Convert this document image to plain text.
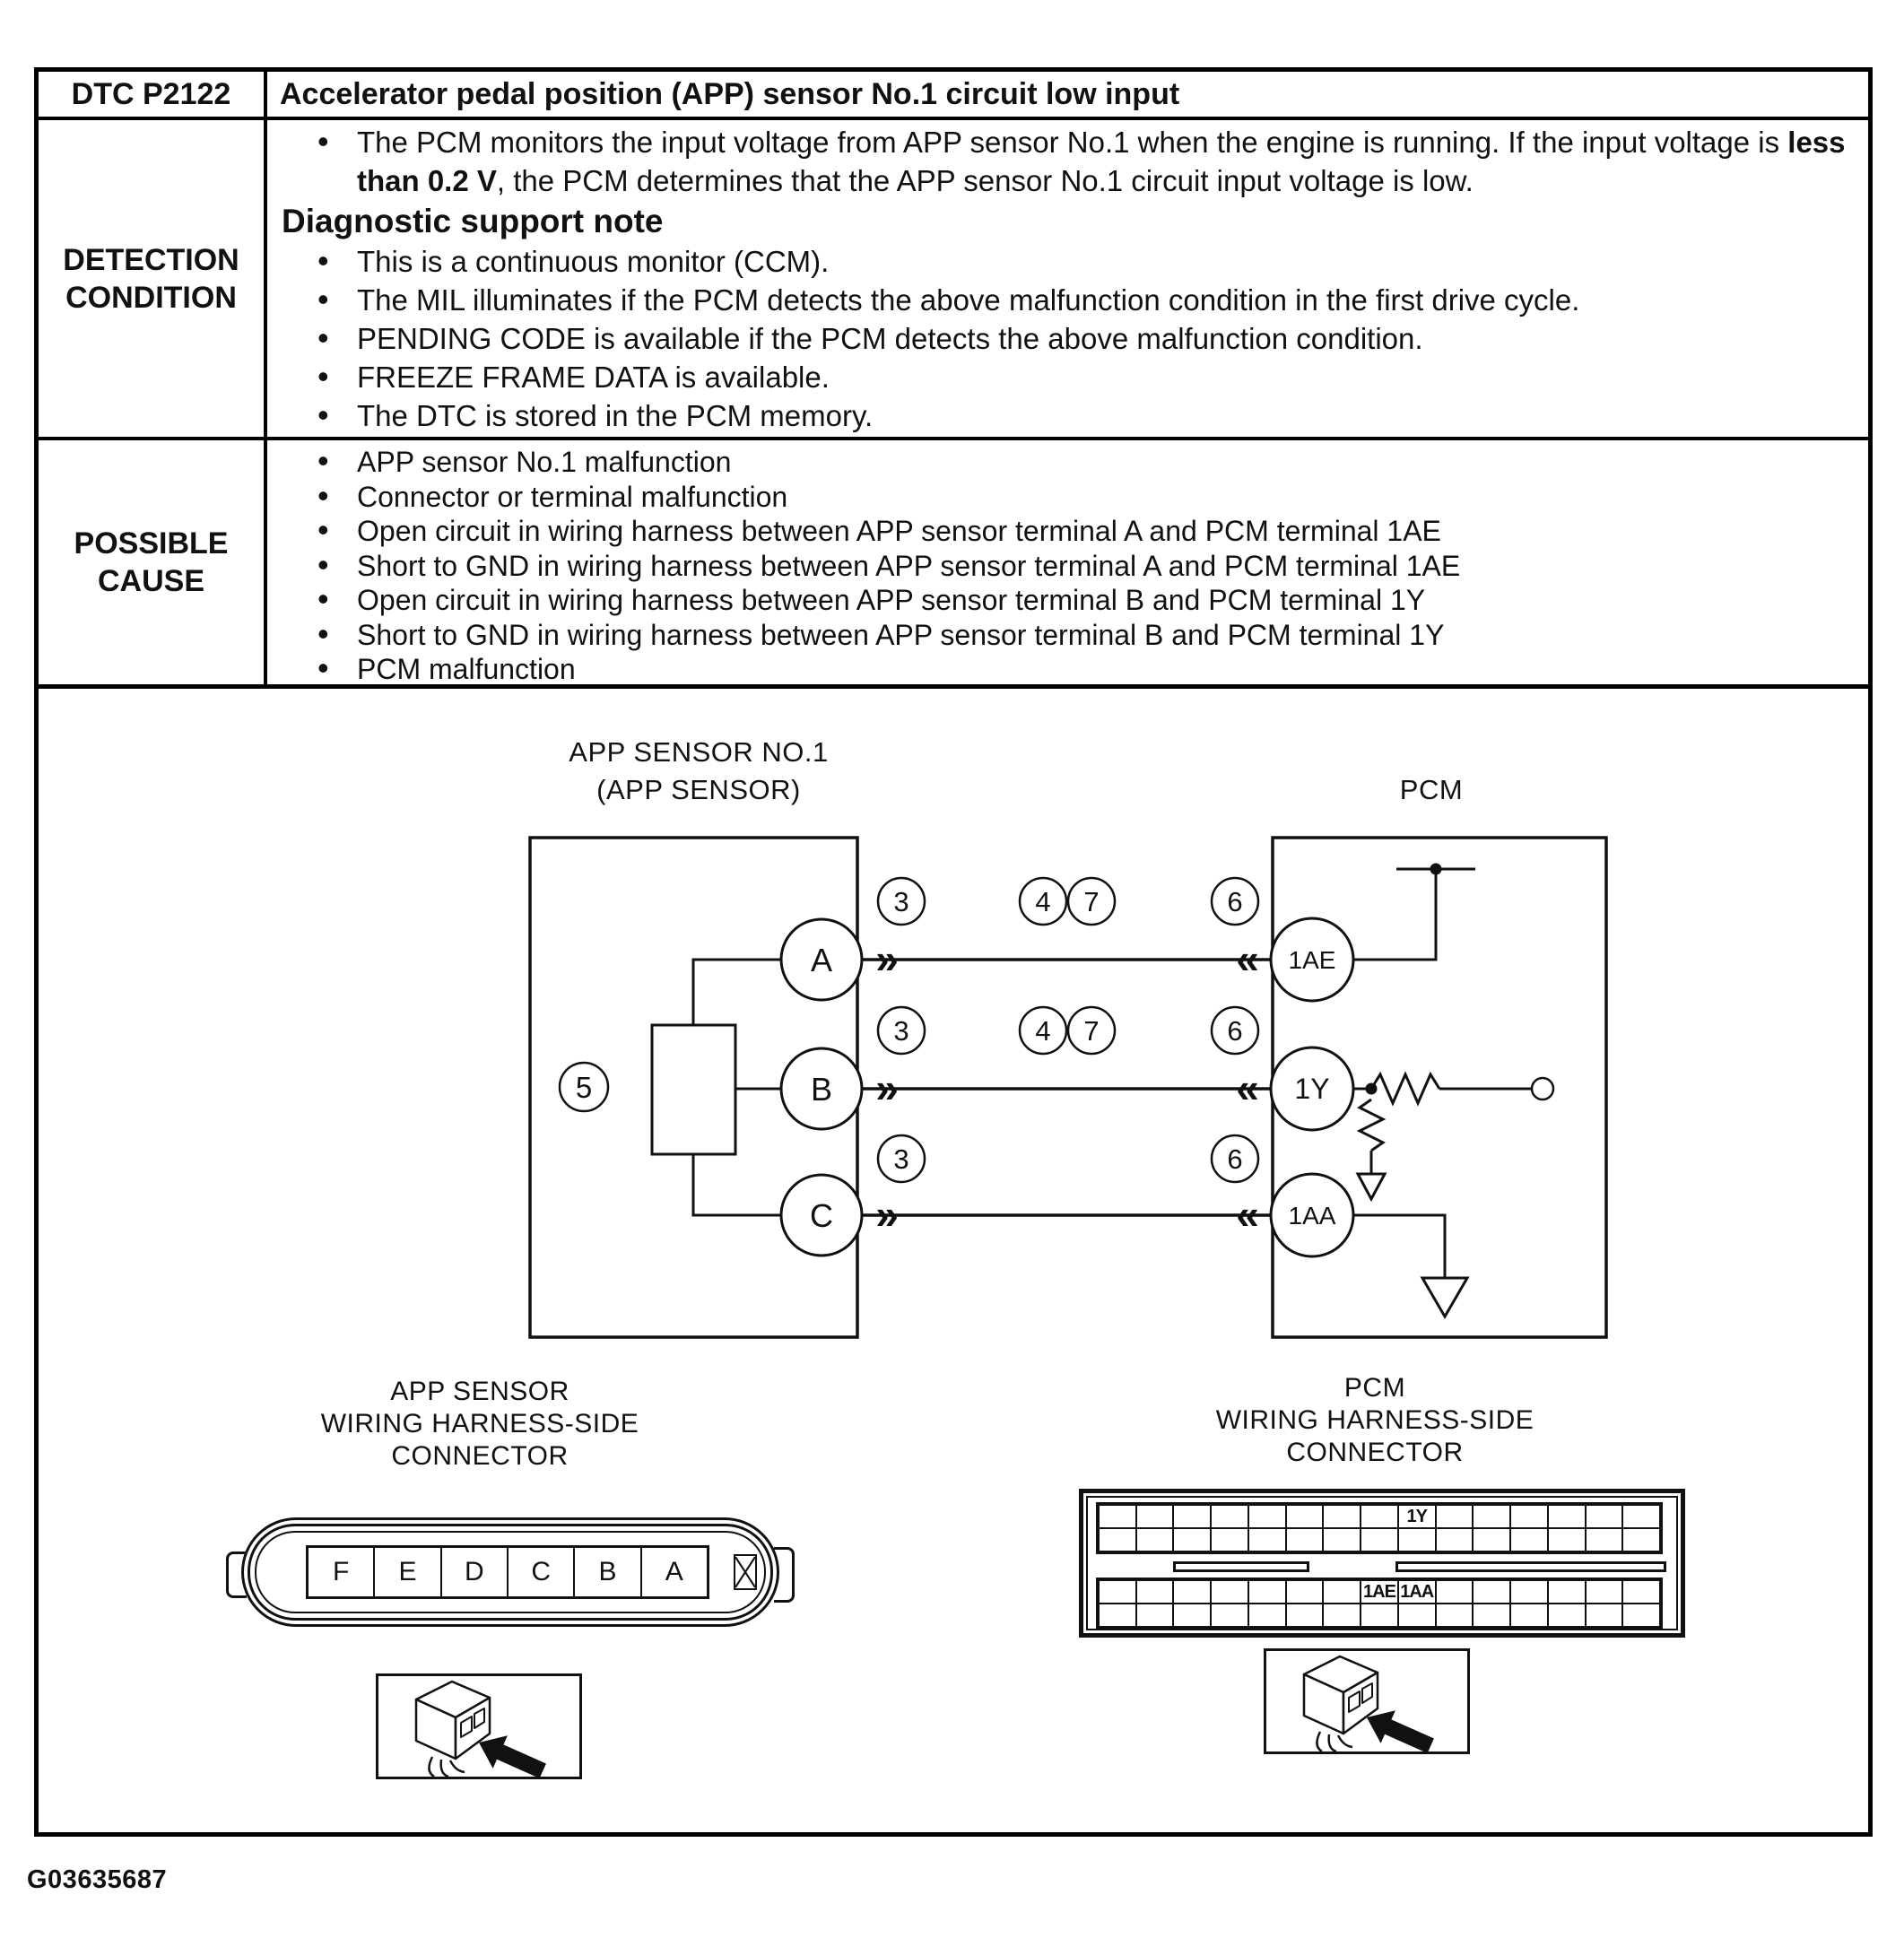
DTC P2122	Accelerator pedal position (APP) sensor No.1 circuit low input
DETECTION CONDITION
• The PCM monitors the input voltage from APP sensor No.1 when the engine is running. If the input voltage is less than 0.2 V, the PCM determines that the APP sensor No.1 circuit input voltage is low.
Diagnostic support note
• This is a continuous monitor (CCM).
• The MIL illuminates if the PCM detects the above malfunction condition in the first drive cycle.
• PENDING CODE is available if the PCM detects the above malfunction condition.
• FREEZE FRAME DATA is available.
• The DTC is stored in the PCM memory.
POSSIBLE CAUSE
• APP sensor No.1 malfunction
• Connector or terminal malfunction
• Open circuit in wiring harness between APP sensor terminal A and PCM terminal 1AE
• Short to GND in wiring harness between APP sensor terminal A and PCM terminal 1AE
• Open circuit in wiring harness between APP sensor terminal B and PCM terminal 1Y
• Short to GND in wiring harness between APP sensor terminal B and PCM terminal 1Y
• PCM malfunction
APP SENSOR NO.1
(APP SENSOR)	PCM
A
B
C
1AE
1Y
1AA
»
»
»
«
«
«
3	4 7	6
3	4 7	6
3	6
5
APP SENSOR
WIRING HARNESS-SIDE
CONNECTOR
PCM
WIRING HARNESS-SIDE
CONNECTOR
F	E	D	C	B	A
1Y
1AE 1AA
G03635687
